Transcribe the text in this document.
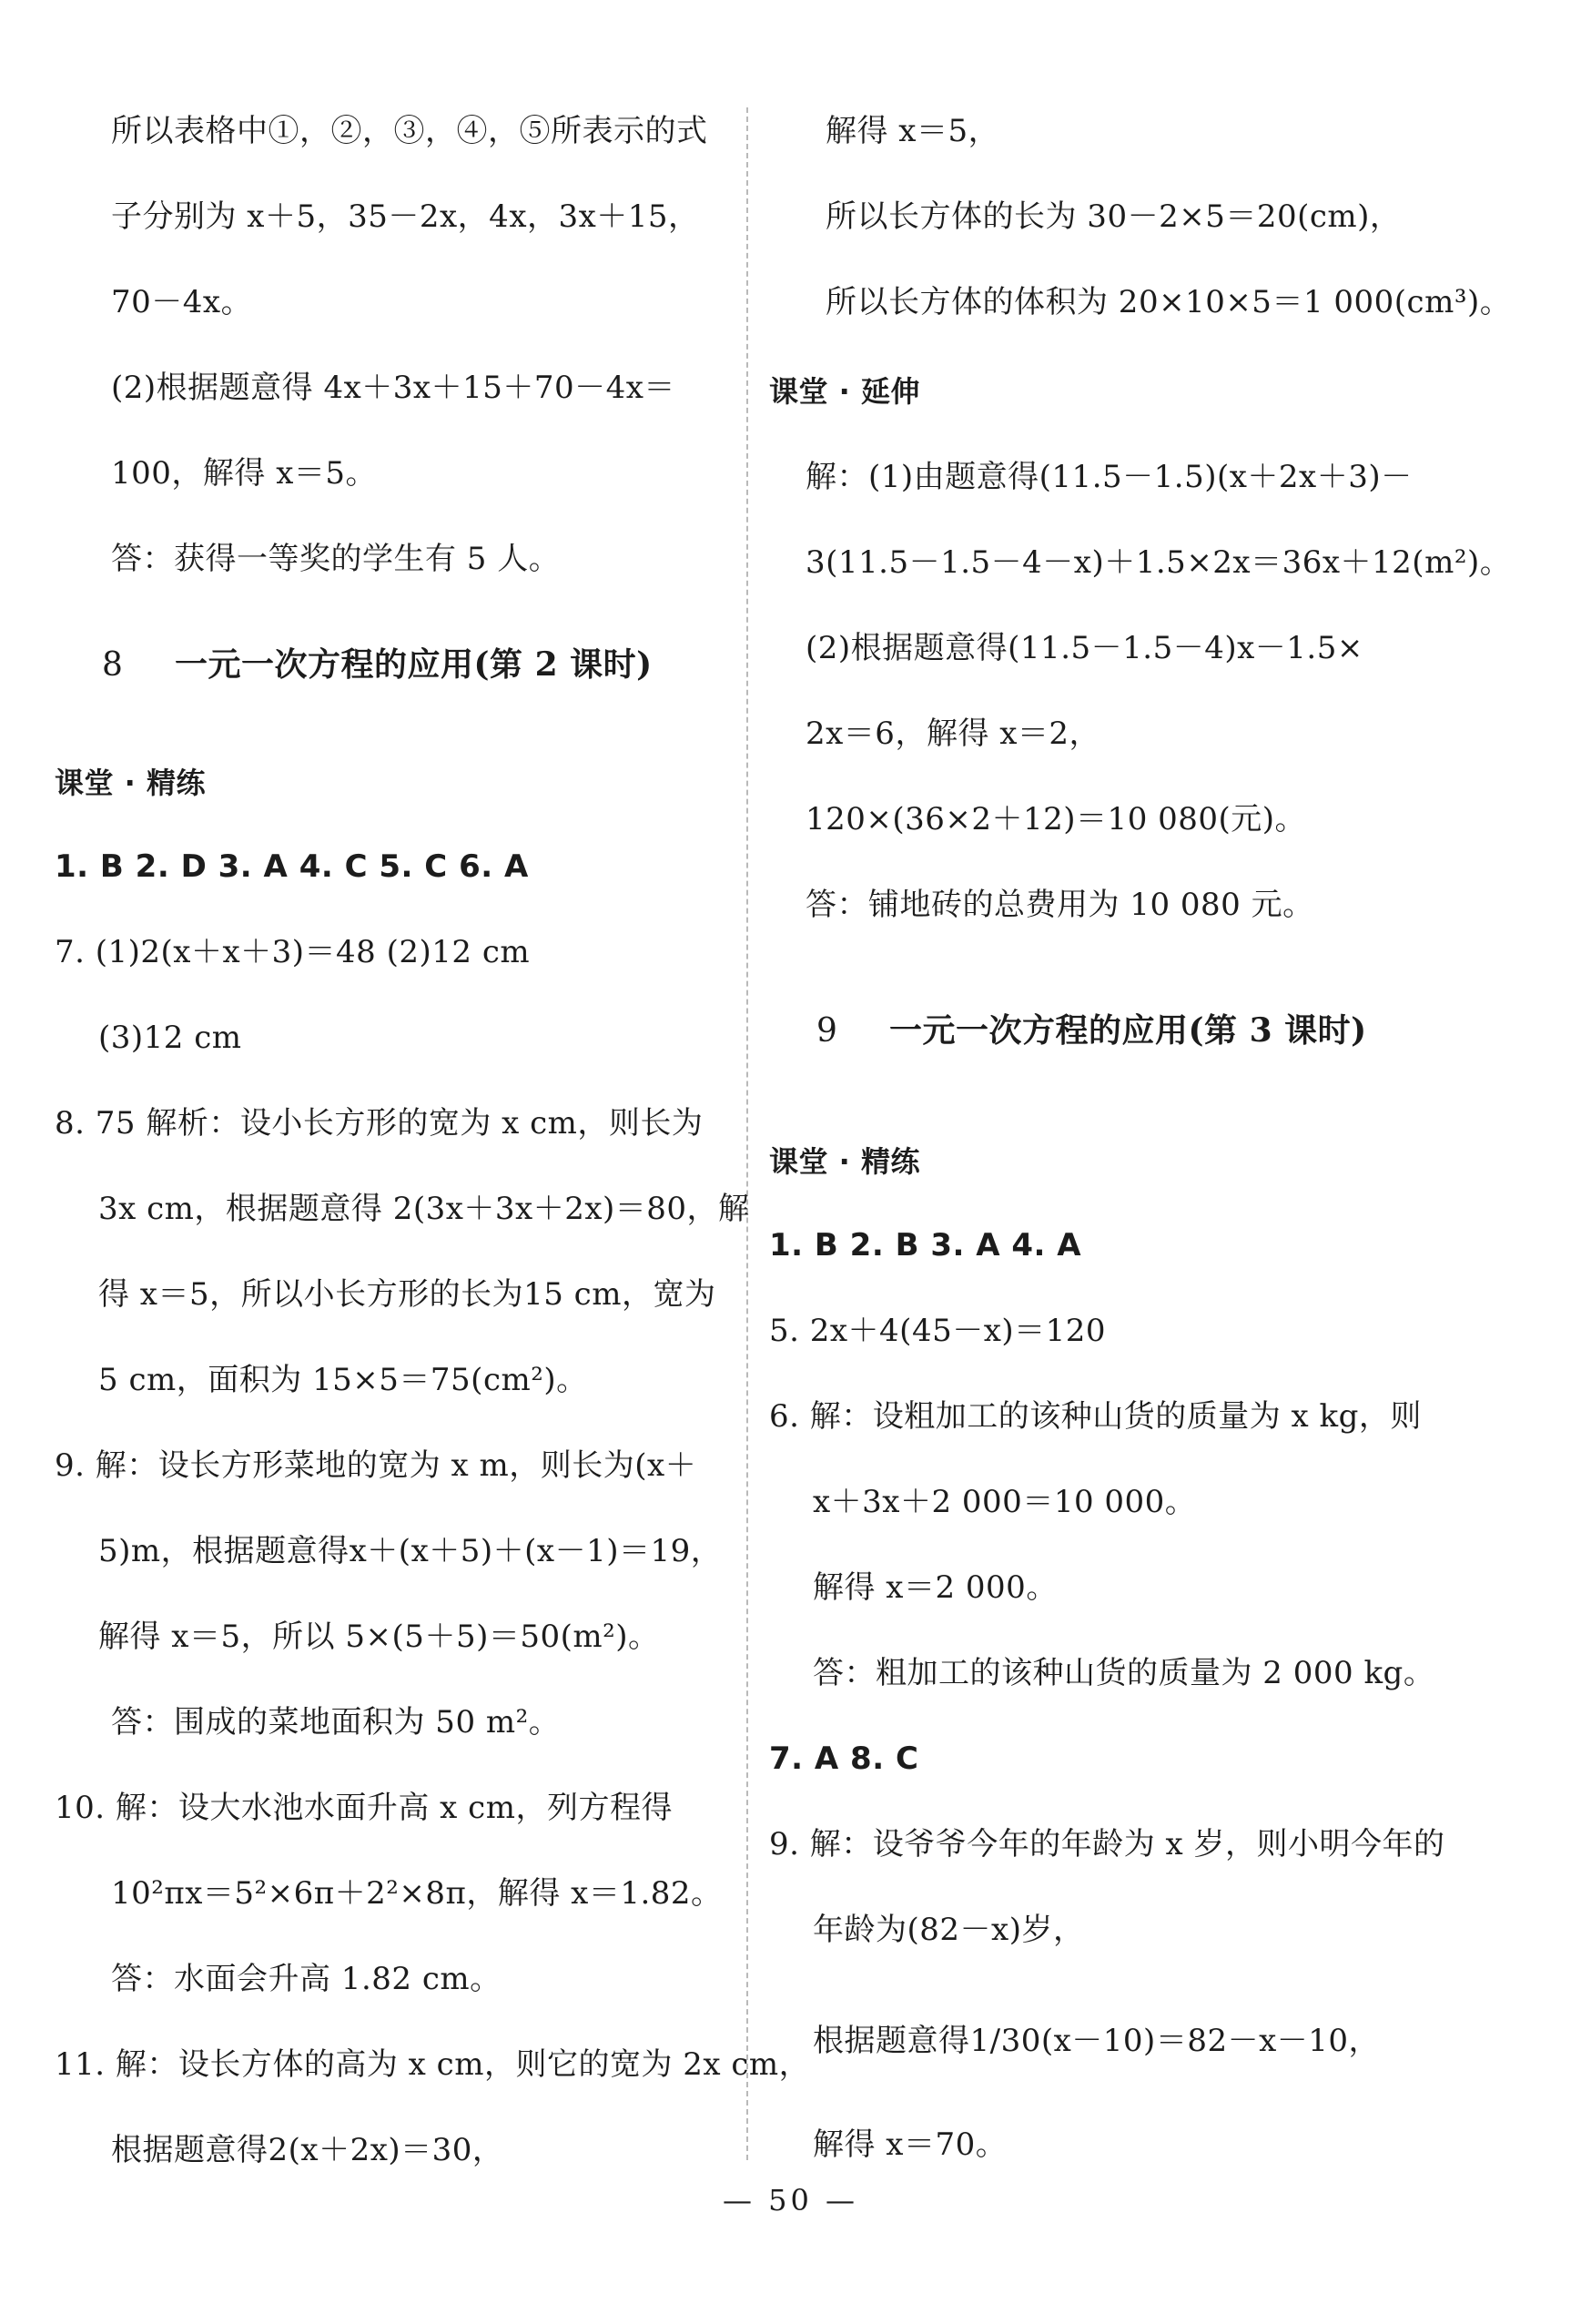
所以表格中①，②，③，④，⑤所表示的式
子分别为 x＋5，35－2x，4x，3x＋15，
70－4x。
(2)根据题意得 4x＋3x＋15＋70－4x＝
100，解得 x＝5。
答：获得一等奖的学生有 5 人。
8 一元一次方程的应用(第 2 课时)
课堂 · 精练
1. B 2. D 3. A 4. C 5. C 6. A
7. (1)2(x＋x＋3)＝48 (2)12 cm
(3)12 cm
8. 75 解析：设小长方形的宽为 x cm，则长为
3x cm，根据题意得 2(3x＋3x＋2x)＝80，解
得 x＝5，所以小长方形的长为15 cm，宽为
5 cm，面积为 15×5＝75(cm²)。
9. 解：设长方形菜地的宽为 x m，则长为(x＋
5)m，根据题意得x＋(x＋5)＋(x－1)＝19，
解得 x＝5，所以 5×(5＋5)＝50(m²)。
答：围成的菜地面积为 50 m²。
10. 解：设大水池水面升高 x cm，列方程得
10²πx＝5²×6π＋2²×8π，解得 x＝1.82。
答：水面会升高 1.82 cm。
11. 解：设长方体的高为 x cm，则它的宽为 2x cm，
根据题意得2(x＋2x)＝30，
解得 x＝5，
所以长方体的长为 30－2×5＝20(cm)，
所以长方体的体积为 20×10×5＝1 000(cm³)。
课堂 · 延伸
解：(1)由题意得(11.5－1.5)(x＋2x＋3)－
3(11.5－1.5－4－x)＋1.5×2x＝36x＋12(m²)。
(2)根据题意得(11.5－1.5－4)x－1.5×
2x＝6，解得 x＝2，
120×(36×2＋12)＝10 080(元)。
答：铺地砖的总费用为 10 080 元。
9 一元一次方程的应用(第 3 课时)
课堂 · 精练
1. B 2. B 3. A 4. A
5. 2x＋4(45－x)＝120
6. 解：设粗加工的该种山货的质量为 x kg，则
x＋3x＋2 000＝10 000。
解得 x＝2 000。
答：粗加工的该种山货的质量为 2 000 kg。
7. A 8. C
9. 解：设爷爷今年的年龄为 x 岁，则小明今年的
年龄为(82－x)岁，
根据题意得1/30(x－10)＝82－x－10，
解得 x＝70。
— 50 —
